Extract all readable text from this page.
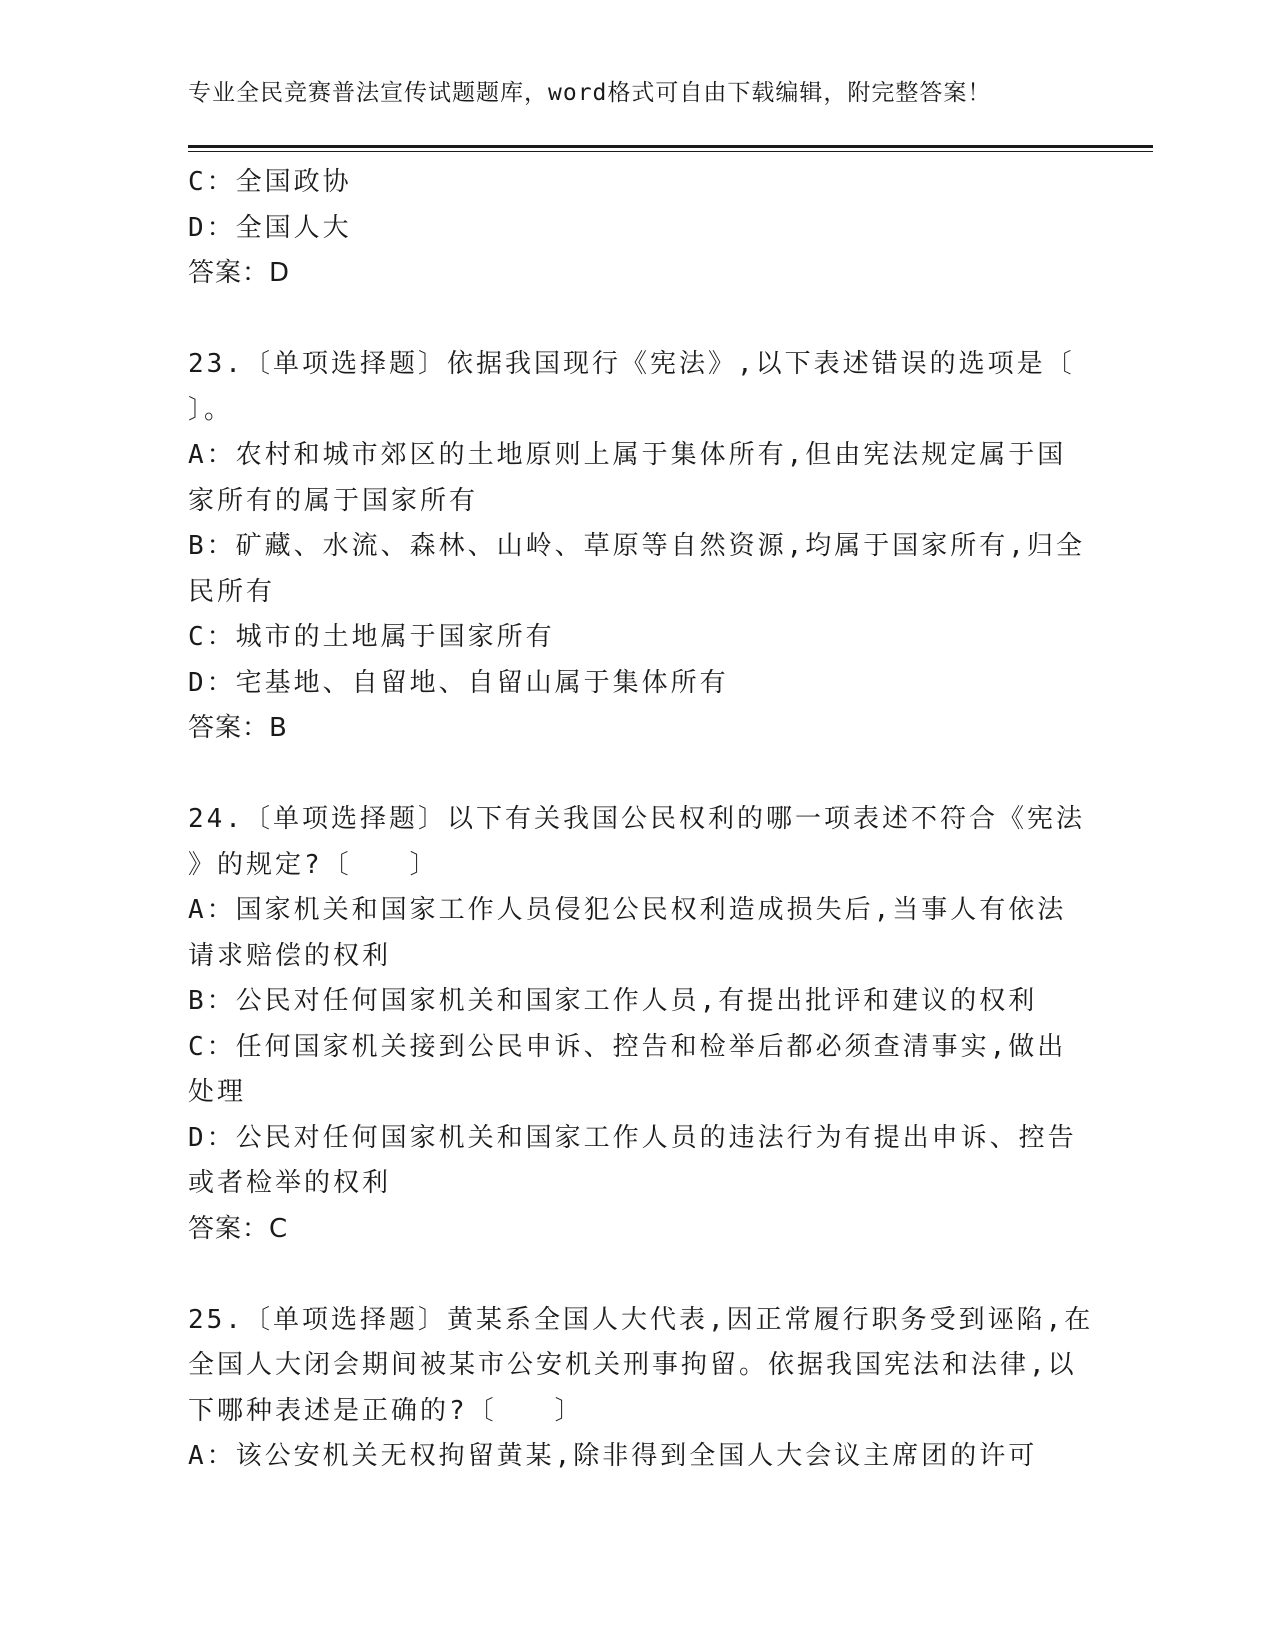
专业全民竞赛普法宣传试题题库，word格式可自由下载编辑，附完整答案！
C：全国政协
D：全国人大
答案：D
23.〔单项选择题〕依据我国现行《宪法》,以下表述错误的选项是〔
〕。
A：农村和城市郊区的土地原则上属于集体所有,但由宪法规定属于国
家所有的属于国家所有
B：矿藏、水流、森林、山岭、草原等自然资源,均属于国家所有,归全
民所有
C：城市的土地属于国家所有
D：宅基地、自留地、自留山属于集体所有
答案：B
24.〔单项选择题〕以下有关我国公民权利的哪一项表述不符合《宪法
》的规定?〔　　〕
A：国家机关和国家工作人员侵犯公民权利造成损失后,当事人有依法
请求赔偿的权利
B：公民对任何国家机关和国家工作人员,有提出批评和建议的权利
C：任何国家机关接到公民申诉、控告和检举后都必须查清事实,做出
处理
D：公民对任何国家机关和国家工作人员的违法行为有提出申诉、控告
或者检举的权利
答案：C
25.〔单项选择题〕黄某系全国人大代表,因正常履行职务受到诬陷,在
全国人大闭会期间被某市公安机关刑事拘留。依据我国宪法和法律,以
下哪种表述是正确的?〔　　〕
A：该公安机关无权拘留黄某,除非得到全国人大会议主席团的许可
